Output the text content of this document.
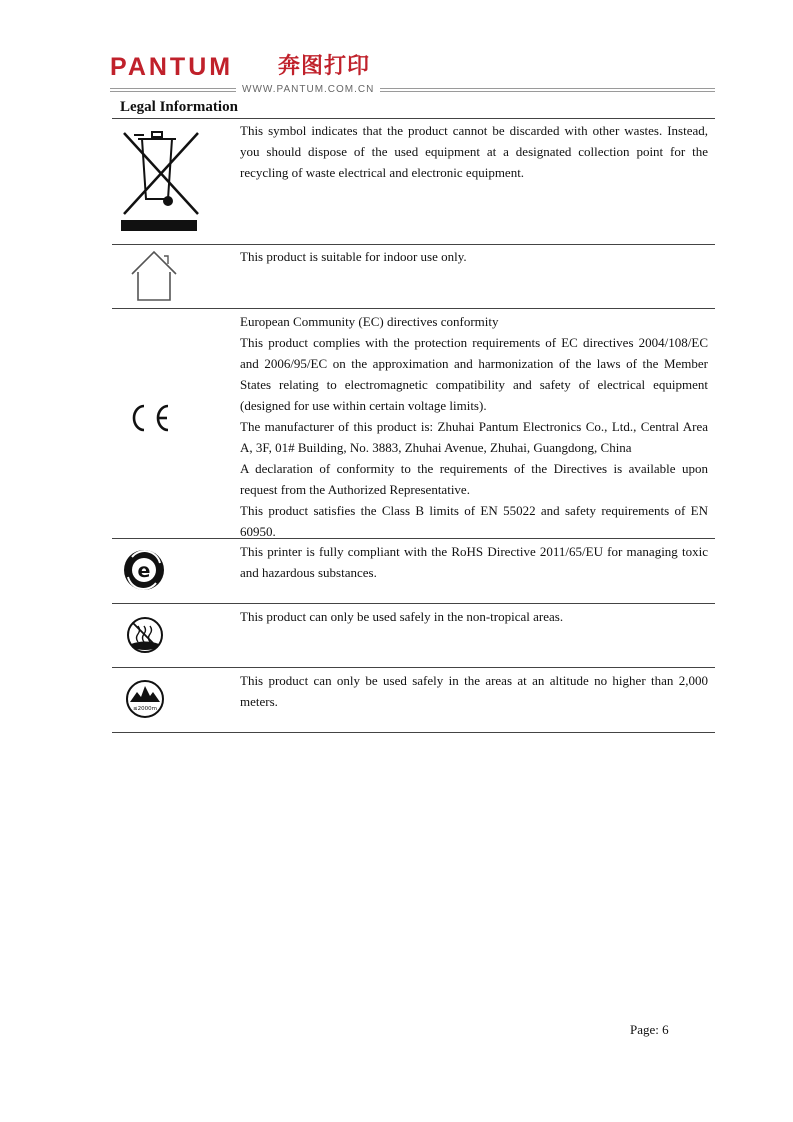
PANTUM 奔图打印
WWW.PANTUM.COM.CN
Legal Information

This symbol indicates that the product cannot be discarded with other wastes. Instead, you should dispose of the used equipment at a designated collection point for the recycling of waste electrical and electronic equipment.

This product is suitable for indoor use only.

European Community (EC) directives conformity

This product complies with the protection requirements of EC directives 2004/108/EC and 2006/95/EC on the approximation and harmonization of the laws of the Member States relating to electromagnetic compatibility and safety of electrical equipment (designed for use within certain voltage limits).

The manufacturer of this product is: Zhuhai Pantum Electronics Co., Ltd., Central Area A, 3F, 01# Building, No. 3883, Zhuhai Avenue, Zhuhai, Guangdong, China

A declaration of conformity to the requirements of the Directives is available upon request from the Authorized Representative.

This product satisfies the Class B limits of EN 55022 and safety requirements of EN 60950.

e

This printer is fully compliant with the RoHS Directive 2011/65/EU for managing toxic and hazardous substances.

This product can only be used safely in the non-tropical areas.

≤2000m

This product can only be used safely in the areas at an altitude no higher than 2,000 meters.

Page: 6
